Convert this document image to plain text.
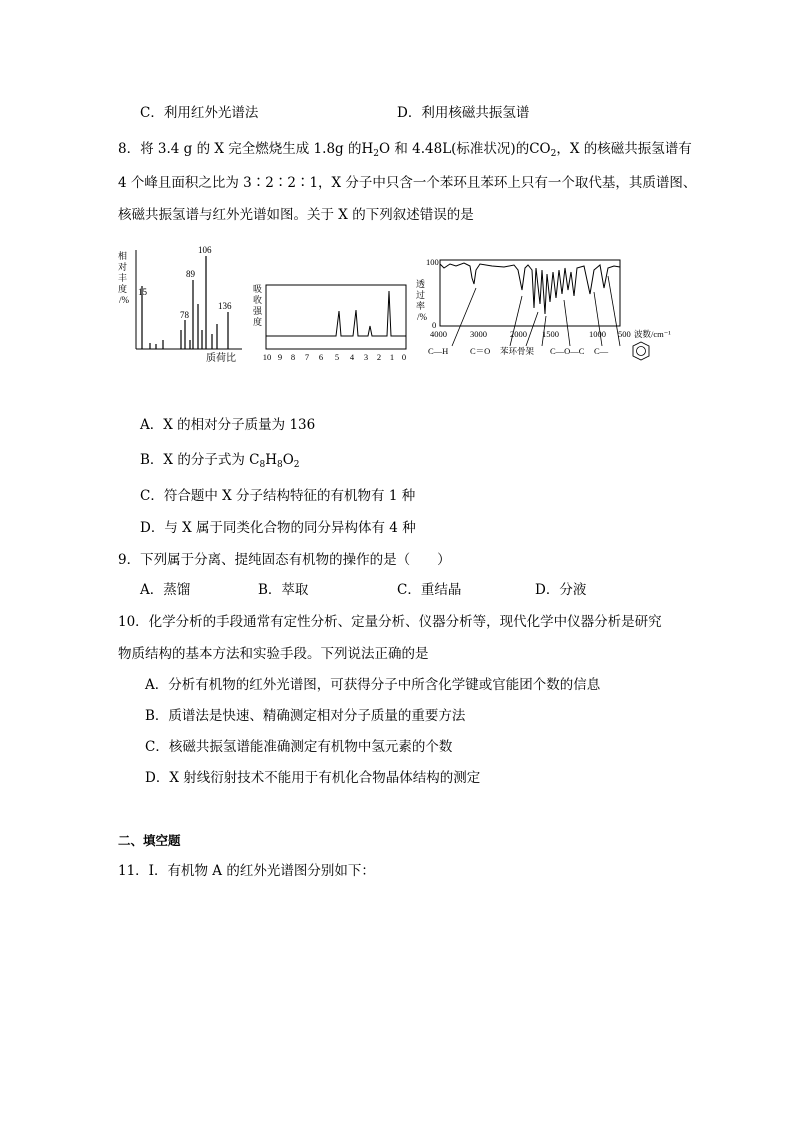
C．利用红外光谱法	D．利用核磁共振氢谱
8．将 3.4 g 的 X 完全燃烧生成 1.8g 的$H_2O$ 和 4.48L(标准状况)的$CO_2$，X 的核磁共振氢谱有
4 个峰且面积之比为 3∶2∶2∶1，X 分子中只含一个苯环且苯环上只有一个取代基，其质谱图、
核磁共振氢谱与红外光谱如图。关于 X 的下列叙述错误的是
相
对
丰
度
/%
15
78
89
106
136
质荷比
吸
收
强
度
10 9 8 7 6 5 4 3 2 1 0
透
过
率
/%
100
0
4000	3000	2000 1500	1000 500 波数/cm⁻¹
C—H	C＝O 苯环骨架 C—O—C C—
A．X 的相对分子质量为 136
B．X 的分子式为 $C_8H_8O_2$
C．符合题中 X 分子结构特征的有机物有 1 种
D．与 X 属于同类化合物的同分异构体有 4 种
9．下列属于分离、提纯固态有机物的操作的是（　　）
A．蒸馏	B．萃取	C．重结晶	D．分液
10．化学分析的手段通常有定性分析、定量分析、仪器分析等，现代化学中仪器分析是研究
物质结构的基本方法和实验手段。下列说法正确的是
A．分析有机物的红外光谱图，可获得分子中所含化学键或官能团个数的信息
B．质谱法是快速、精确测定相对分子质量的重要方法
C．核磁共振氢谱能准确测定有机物中氢元素的个数
D．X 射线衍射技术不能用于有机化合物晶体结构的测定
二、填空题
11．Ⅰ．有机物 A 的红外光谱图分别如下：
